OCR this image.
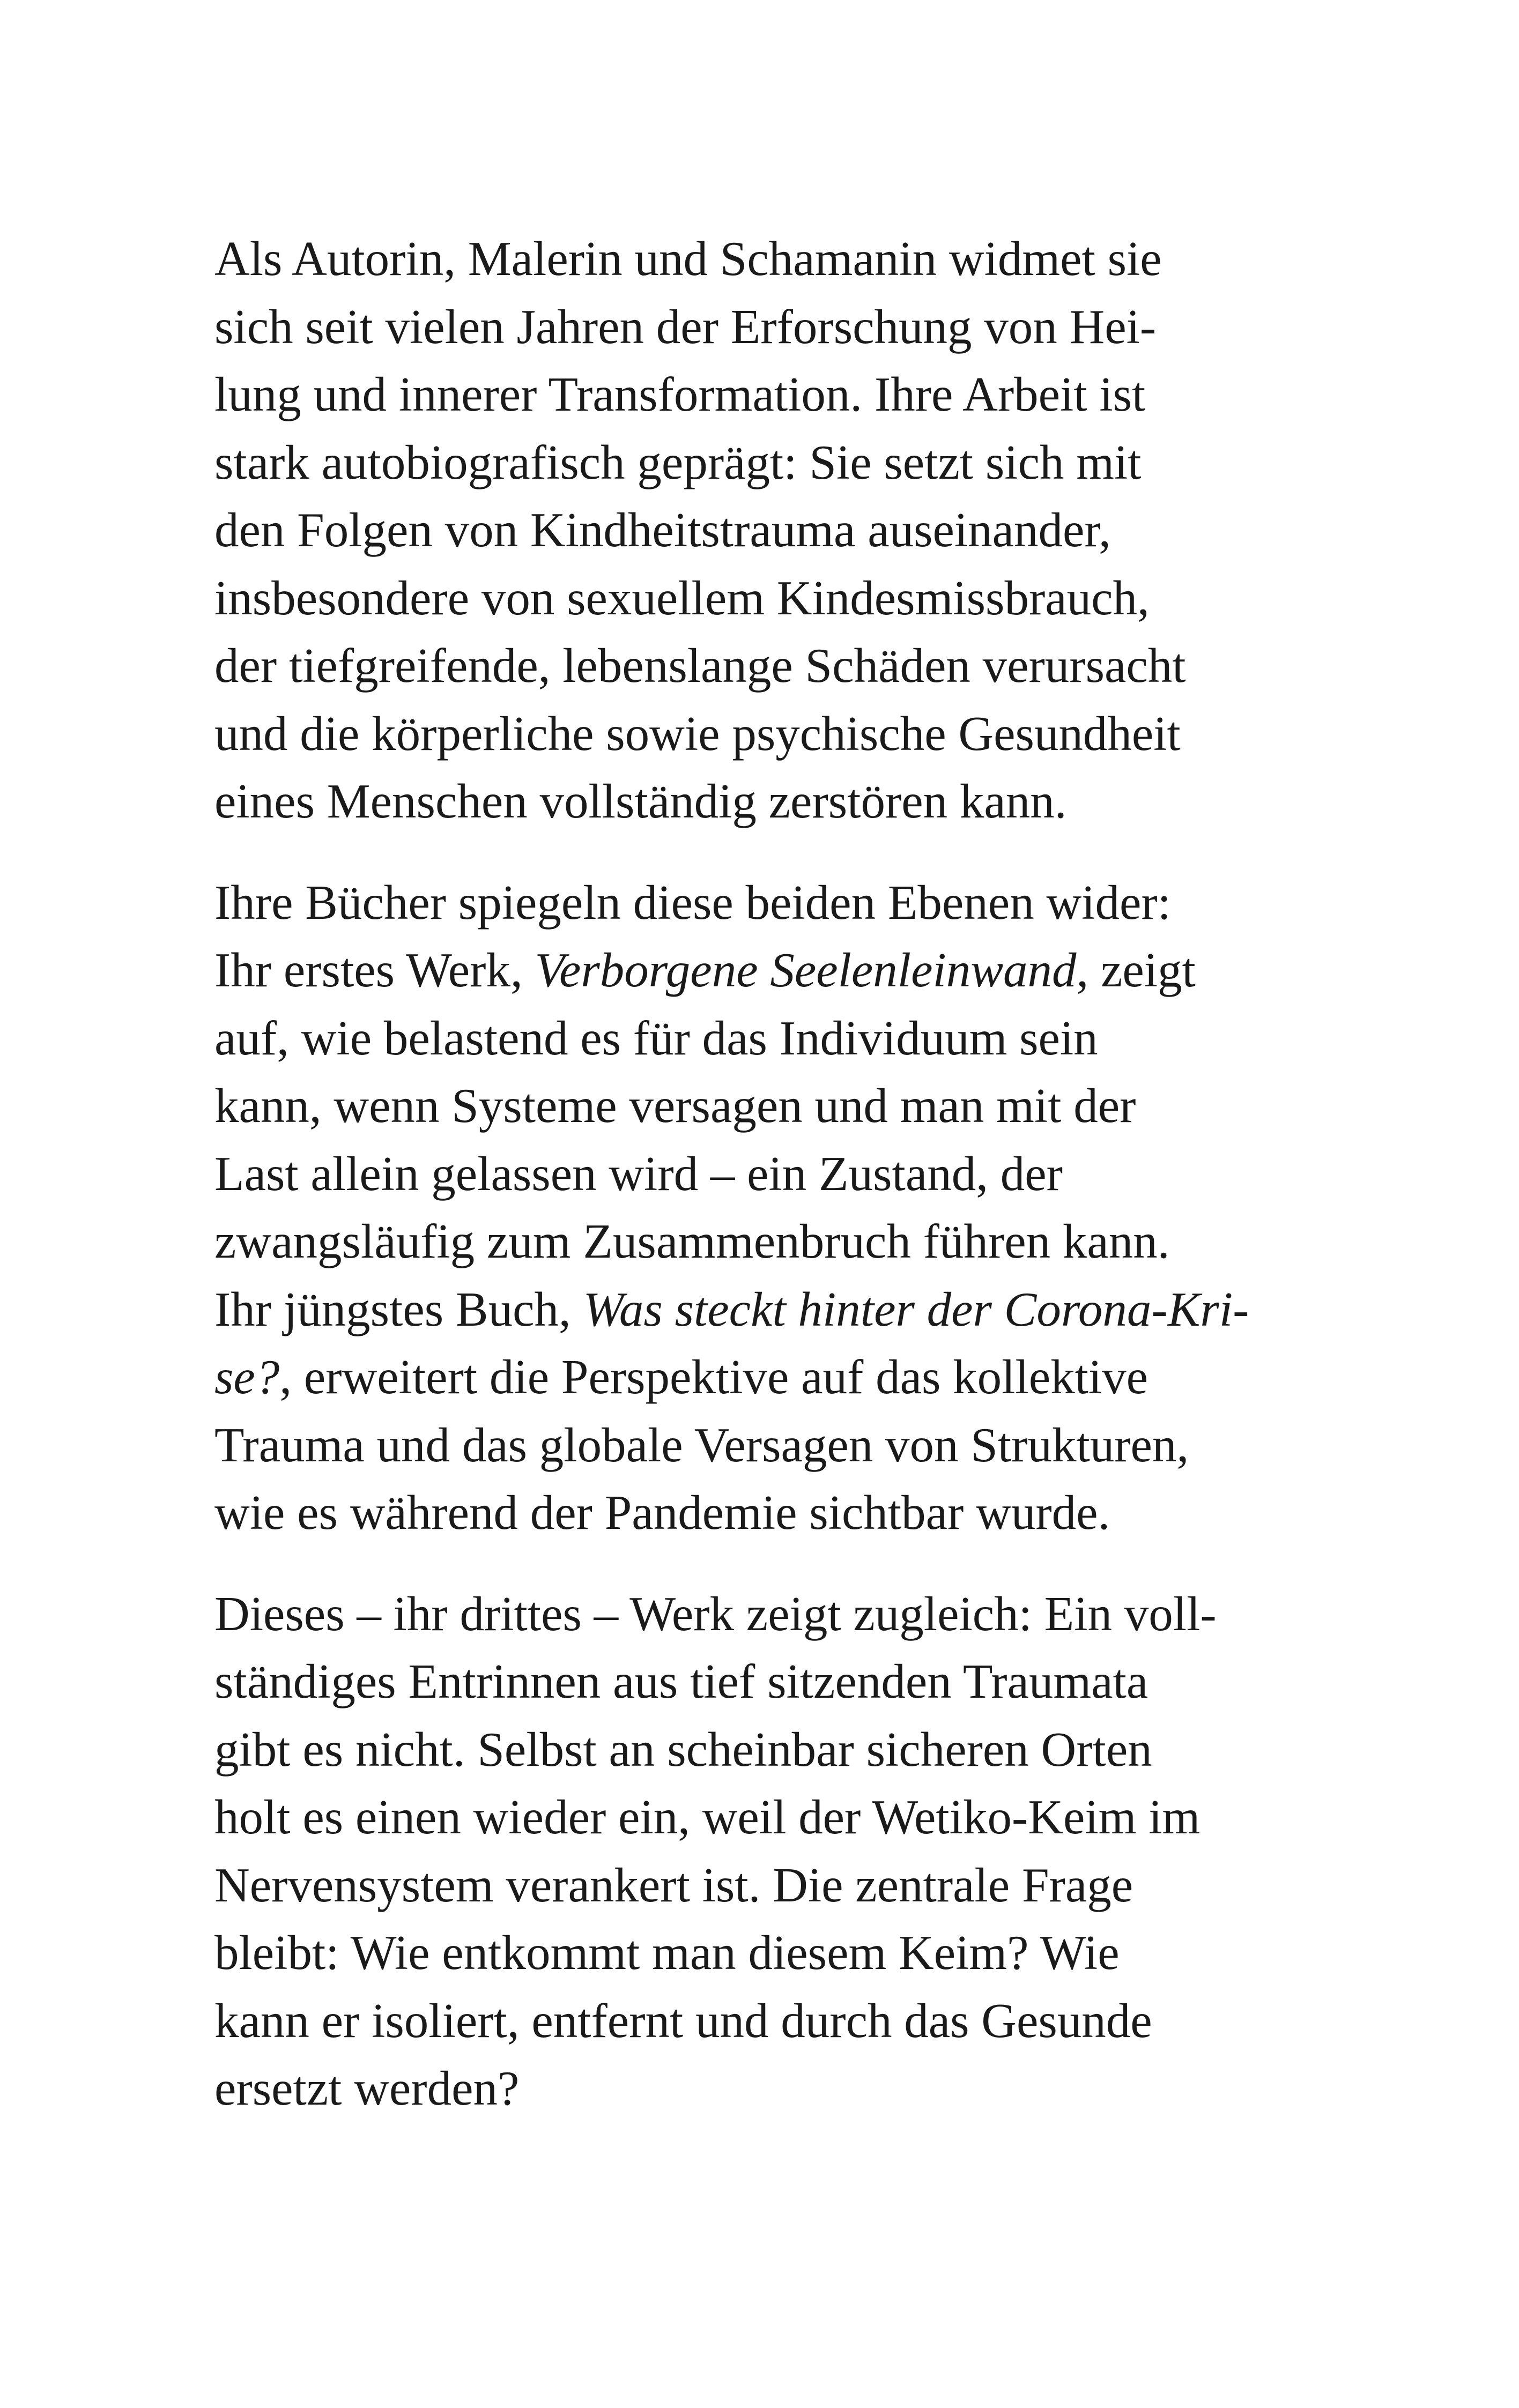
Als Autorin, Malerin und Schamanin widmet sie
sich seit vielen Jahren der Erforschung von Hei-
lung und innerer Transformation. Ihre Arbeit ist
stark autobiografisch geprägt: Sie setzt sich mit
den Folgen von Kindheitstrauma auseinander,
insbesondere von sexuellem Kindesmissbrauch,
der tiefgreifende, lebenslange Schäden verursacht
und die körperliche sowie psychische Gesundheit
eines Menschen vollständig zerstören kann.

Ihre Bücher spiegeln diese beiden Ebenen wider:
Ihr erstes Werk, Verborgene Seelenleinwand, zeigt
auf, wie belastend es für das Individuum sein
kann, wenn Systeme versagen und man mit der
Last allein gelassen wird – ein Zustand, der
zwangsläufig zum Zusammenbruch führen kann.
Ihr jüngstes Buch, Was steckt hinter der Corona-Kri-
se?, erweitert die Perspektive auf das kollektive
Trauma und das globale Versagen von Strukturen,
wie es während der Pandemie sichtbar wurde.

Dieses – ihr drittes – Werk zeigt zugleich: Ein voll-
ständiges Entrinnen aus tief sitzenden Traumata
gibt es nicht. Selbst an scheinbar sicheren Orten
holt es einen wieder ein, weil der Wetiko-Keim im
Nervensystem verankert ist. Die zentrale Frage
bleibt: Wie entkommt man diesem Keim? Wie
kann er isoliert, entfernt und durch das Gesunde
ersetzt werden?
